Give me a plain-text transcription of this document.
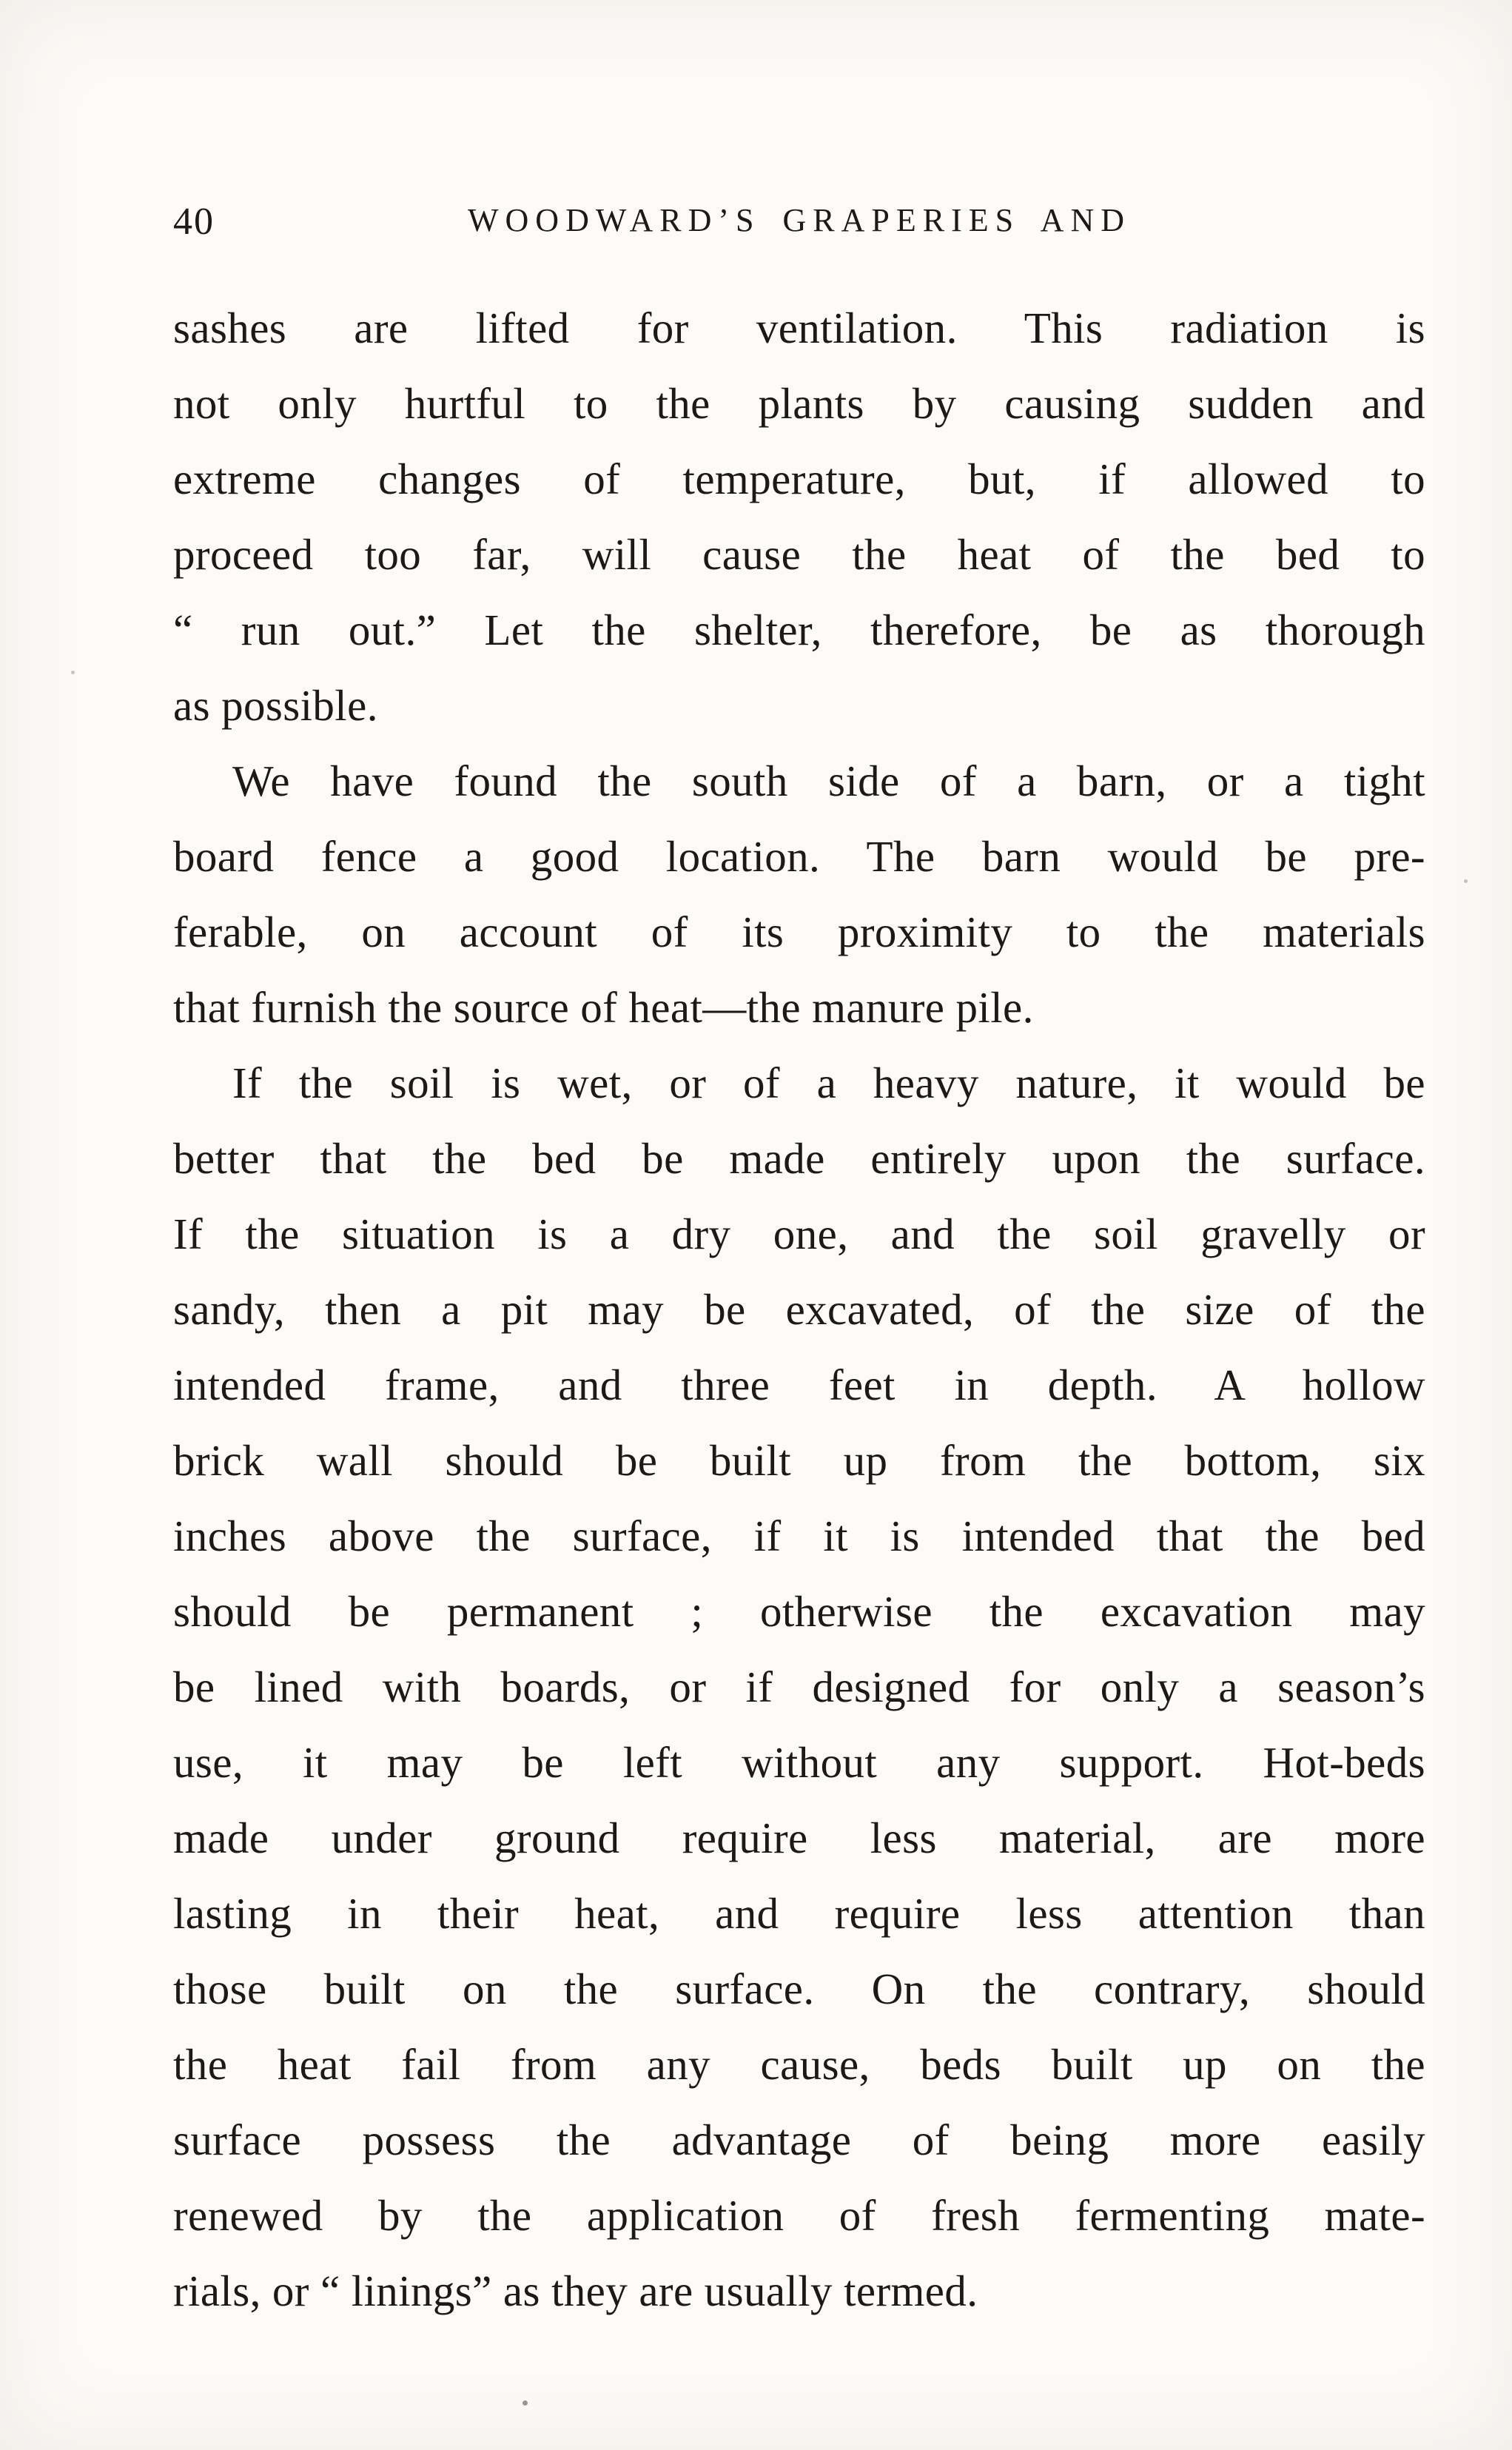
40	WOODWARD’S GRAPERIES AND
sashes are lifted for ventilation. This radiation is
not only hurtful to the plants by causing sudden and
extreme changes of temperature, but, if allowed to
proceed too far, will cause the heat of the bed to
“ run out.” Let the shelter, therefore, be as thorough
as possible.
We have found the south side of a barn, or a tight
board fence a good location. The barn would be pre-
ferable, on account of its proximity to the materials
that furnish the source of heat—the manure pile.
If the soil is wet, or of a heavy nature, it would be
better that the bed be made entirely upon the surface.
If the situation is a dry one, and the soil gravelly or
sandy, then a pit may be excavated, of the size of the
intended frame, and three feet in depth. A hollow
brick wall should be built up from the bottom, six
inches above the surface, if it is intended that the bed
should be permanent ; otherwise the excavation may
be lined with boards, or if designed for only a season’s
use, it may be left without any support. Hot-beds
made under ground require less material, are more
lasting in their heat, and require less attention than
those built on the surface. On the contrary, should
the heat fail from any cause, beds built up on the
surface possess the advantage of being more easily
renewed by the application of fresh fermenting mate-
rials, or “ linings” as they are usually termed.
